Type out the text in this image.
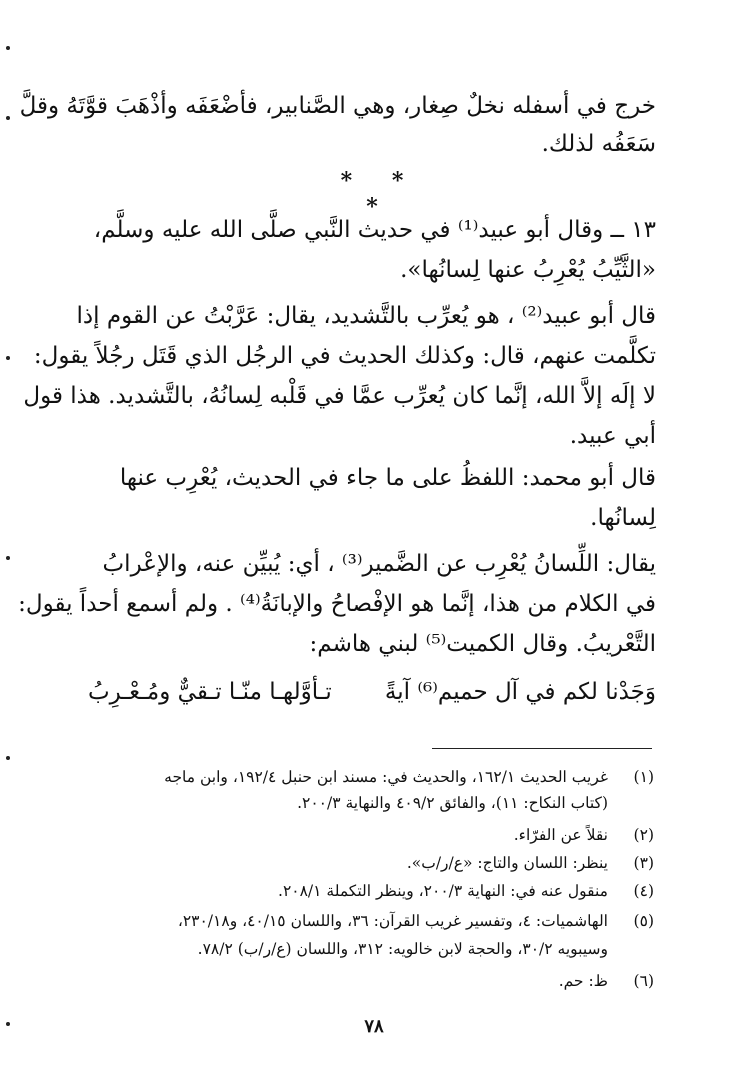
خرج في أسفله نخلٌ صِغار، وهي الصَّنابير، فأضْعَفَه وأذْهَبَ قوَّتَهُ وقلَّ
سَعَفُه لذلك.
* * *
١٣ ــ وقال أبو عبيد⁽¹⁾ في حديث النَّبي صلَّى الله عليه وسلَّم،
«الثَّيِّبُ يُعْرِبُ عنها لِسانُها».
قال أبو عبيد⁽²⁾ ، هو يُعرِّب بالتَّشديد، يقال: عَرَّبْتُ عن القوم إذا
تكلَّمت عنهم، قال: وكذلك الحديث في الرجُل الذي قَتَل رجُلاً يقول:
لا إلَه إلاَّ الله، إنَّما كان يُعرِّب عمَّا في قَلْبه لِسانُهُ، بالتَّشديد. هذا قول
أبي عبيد.
قال أبو محمد: اللفظُ على ما جاء في الحديث، يُعْرِب عنها
لِسانُها.
يقال: اللِّسانُ يُعْرِب عن الضَّمير⁽³⁾ ، أي: يُبيِّن عنه، والإعْرابُ
في الكلام من هذا، إنَّما هو الإفْصاحُ والإبانَةُ⁽⁴⁾ . ولم أسمع أحداً يقول:
التَّعْريبُ. وقال الكميت⁽⁵⁾ لبني هاشم:
وَجَدْنا لكم في آل حميم⁽⁶⁾ آيةً
تـأوَّلهـا منّـا تـقيٌّ ومُـعْـرِبُ
(١)
غريب الحديث ١٦٢/١، والحديث في: مسند ابن حنبل ١٩٢/٤، وابن ماجه
(كتاب النكاح: ١١)، والفائق ٤٠٩/٢ والنهاية ٢٠٠/٣.
(٢)
نقلاً عن الفرّاء.
(٣)
ينظر: اللسان والتاج: «ع/ر/ب».
(٤)
منقول عنه في: النهاية ٢٠٠/٣، وينظر التكملة ٢٠٨/١.
(٥)
الهاشميات: ٤، وتفسير غريب القرآن: ٣٦، واللسان ٤٠/١٥، و٢٣٠/١٨،
وسيبويه ٣٠/٢، والحجة لابن خالويه: ٣١٢، واللسان (ع/ر/ب) ٧٨/٢.
(٦)
ظ: حم.
٧٨
